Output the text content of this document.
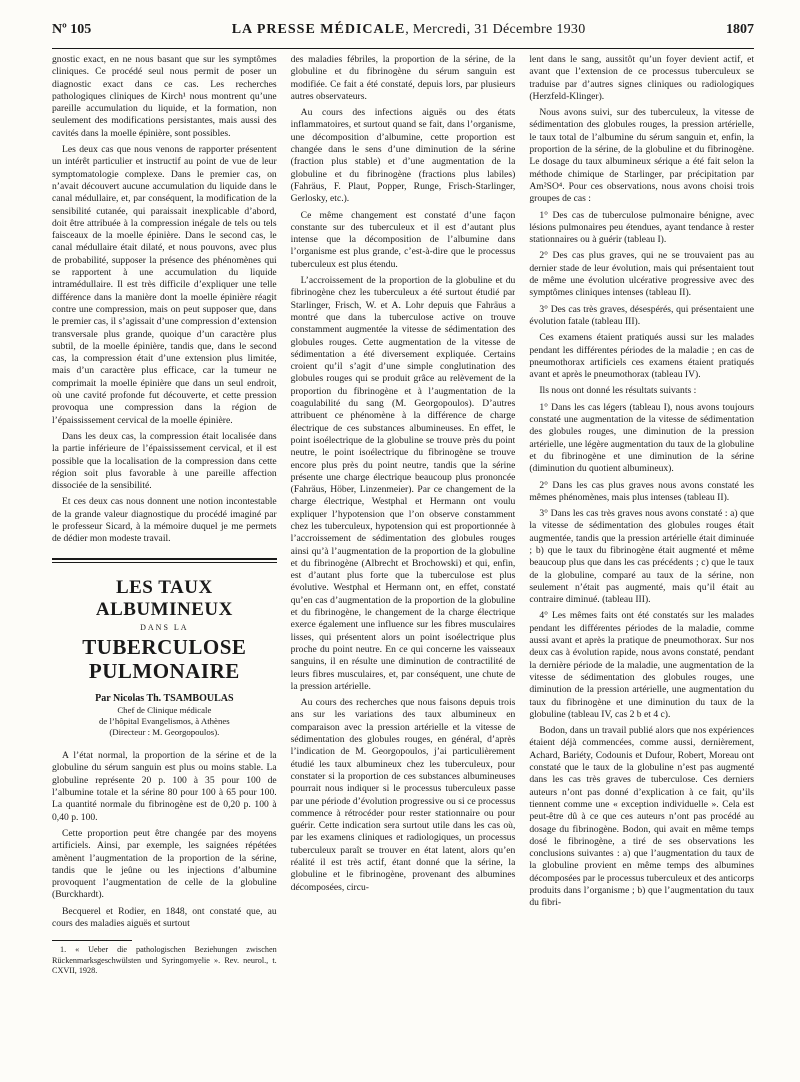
Nº 105	LA PRESSE MÉDICALE, Mercredi, 31 Décembre 1930	1807

gnostic exact, en ne nous basant que sur les symptômes cliniques. Ce procédé seul nous permit de poser un diagnostic exact dans ce cas. Les recherches pathologiques cliniques de Kirch¹ nous montrent qu’une pareille accumulation du liquide, et la formation, non seulement des modifications persistantes, mais aussi des cavités dans la moelle épinière, sont possibles.

Les deux cas que nous venons de rapporter présentent un intérêt particulier et instructif au point de vue de leur symptomatologie complexe. Dans le premier cas, on n’avait découvert aucune accumulation du liquide dans le canal médullaire, et, par conséquent, la modification de la sensibilité cutanée, qui paraissait inexplicable d’abord, doit être attribuée à la compression inégale de tels ou tels faisceaux de la moelle épinière. Dans le second cas, le canal médullaire était dilaté, et nous pouvons, avec plus de probabilité, supposer la présence des phénomènes qui se rapportent à une accumulation du liquide intramédullaire. Il est très difficile d’expliquer une telle différence dans la manière dont la moelle épinière réagit contre une compression, mais on peut supposer que, dans le premier cas, il s’agissait d’une compression d’extension transversale plus grande, quoique d’un caractère plus subtil, de la moelle épinière, tandis que, dans le second cas, la compression était d’une extension plus limitée, mais d’un caractère plus efficace, car la tumeur ne comprimait la moelle épinière que dans un seul endroit, où une cavité profonde fut découverte, et cette pression provoqua une compression dans la région de l’épaississement cervical de la moelle épinière.

Dans les deux cas, la compression était localisée dans la partie inférieure de l’épaississement cervical, et il est possible que la localisation de la compression dans cette région soit plus favorable à une pareille affection dissociée de la sensibilité.

Et ces deux cas nous donnent une notion incontestable de la grande valeur diagnostique du procédé imaginé par le professeur Sicard, à la mémoire duquel je me permets de dédier mon modeste travail.

LES TAUX ALBUMINEUX
DANS LA
TUBERCULOSE PULMONAIRE
Par Nicolas Th. TSAMBOULAS
Chef de Clinique médicale
de l’hôpital Evangelismos, à Athènes
(Directeur : M. Georgopoulos).

A l’état normal, la proportion de la sérine et de la globuline du sérum sanguin est plus ou moins stable. La globuline représente 20 p. 100 à 35 pour 100 de l’albumine totale et la sérine 80 pour 100 à 65 pour 100. La quantité normale du fibrinogène est de 0,20 p. 100 à 0,40 p. 100.

Cette proportion peut être changée par des moyens artificiels. Ainsi, par exemple, les saignées répétées amènent l’augmentation de la proportion de la sérine, tandis que le jeûne ou les injections d’albumine provoquent l’augmentation de celle de la globuline (Burckhardt).

Becquerel et Rodier, en 1848, ont constaté que, au cours des maladies aiguës et surtout

1. « Ueber die pathologischen Beziehungen zwischen Rückenmarksgeschwülsten und Syringomyelie ». Rev. neurol., t. CXVII, 1928.

des maladies fébriles, la proportion de la sérine, de la globuline et du fibrinogène du sérum sanguin est modifiée. Ce fait a été constaté, depuis lors, par plusieurs autres observateurs.

Au cours des infections aiguës ou des états inflammatoires, et surtout quand se fait, dans l’organisme, une décomposition d’albumine, cette proportion est changée dans le sens d’une diminution de la sérine (fraction plus stable) et d’une augmentation de la globuline et du fibrinogène (fractions plus labiles) (Fahräus, F. Plaut, Popper, Runge, Frisch-Starlinger, Gerlosky, etc.).

Ce même changement est constaté d’une façon constante sur des tuberculeux et il est d’autant plus intense que la décomposition de l’albumine dans l’organisme est plus grande, c’est-à-dire que le processus tuberculeux est plus étendu.

L’accroissement de la proportion de la globuline et du fibrinogène chez les tuberculeux a été surtout étudié par Starlinger, Frisch, W. et A. Lohr depuis que Fahräus a montré que dans la tuberculose active on trouve constamment augmentée la vitesse de sédimentation des globules rouges. Cette augmentation de la vitesse de sédimentation a été diversement expliquée. Certains croient qu’il s’agit d’une simple conglutination des globules rouges qui se produit grâce au relèvement de la proportion du fibrinogène et à l’augmentation de la coagulabilité du sang (M. Georgopoulos). D’autres attribuent ce phénomène à la différence de charge électrique de ces substances albumineuses. En effet, le point isoélectrique de la globuline se trouve près du point neutre, le point isoélectrique du fibrinogène se trouve encore plus près du point neutre, tandis que la sérine présente une charge électrique beaucoup plus prononcée (Fahräus, Höber, Linzenmeier). Par ce changement de la charge électrique, Westphal et Hermann ont voulu expliquer l’hypotension que l’on observe constamment chez les tuberculeux, hypotension qui est proportionnée à l’accroissement de sédimentation des globules rouges ainsi qu’à l’augmentation de la proportion de la globuline et du fibrinogène (Albrecht et Brochowski) et qui, enfin, est d’autant plus forte que la tuberculose est plus évolutive. Westphal et Hermann ont, en effet, constaté qu’en cas d’augmentation de la proportion de la globuline et du fibrinogène, le changement de la charge électrique exerce également une influence sur les fibres musculaires lisses, qui présentent alors un point isoélectrique plus proche du point neutre. En ce qui concerne les vaisseaux sanguins, il en résulte une diminution de contractilité de leurs fibres musculaires, et, par conséquent, une chute de la pression artérielle.

Au cours des recherches que nous faisons depuis trois ans sur les variations des taux albumineux en comparaison avec la pression artérielle et la vitesse de sédimentation des globules rouges, en général, d’après l’indication de M. Georgopoulos, j’ai particulièrement étudié les taux albumineux chez les tuberculeux, pour constater si la proportion de ces substances albumineuses pourrait nous indiquer si le processus tuberculeux passe par une période d’évolution progressive ou si ce processus commence à rétrocéder pour rester stationnaire ou pour guérir. Cette indication sera surtout utile dans les cas où, par les examens cliniques et radiologiques, un processus tuberculeux paraît se trouver en état latent, alors qu’en réalité il est très actif, étant donné que la sérine, la globuline et le fibrinogène, provenant des albumines décomposées, circu-

lent dans le sang, aussitôt qu’un foyer devient actif, et avant que l’extension de ce processus tuberculeux se traduise par d’autres signes cliniques ou radiologiques (Herzfeld-Klinger).

Nous avons suivi, sur des tuberculeux, la vitesse de sédimentation des globules rouges, la pression artérielle, le taux total de l’albumine du sérum sanguin et, enfin, la proportion de la sérine, de la globuline et du fibrinogène. Le dosage du taux albumineux sérique a été fait selon la méthode chimique de Starlinger, par précipitation par Am²SO⁴. Pour ces observations, nous avons choisi trois groupes de cas :

1° Des cas de tuberculose pulmonaire bénigne, avec lésions pulmonaires peu étendues, ayant tendance à rester stationnaires ou à guérir (tableau I).

2° Des cas plus graves, qui ne se trouvaient pas au dernier stade de leur évolution, mais qui présentaient tout de même une évolution ulcérative progressive avec des symptômes cliniques intenses (tableau II).

3° Des cas très graves, désespérés, qui présentaient une évolution fatale (tableau III).

Ces examens étaient pratiqués aussi sur les malades pendant les différentes périodes de la maladie ; en cas de pneumothorax artificiels ces examens étaient pratiqués avant et après le pneumothorax (tableau IV).

Ils nous ont donné les résultats suivants :

1° Dans les cas légers (tableau I), nous avons toujours constaté une augmentation de la vitesse de sédimentation des globules rouges, une diminution de la pression artérielle, une légère augmentation du taux de la globuline et du fibrinogène et une diminution de la sérine (diminution du quotient albumineux).

2° Dans les cas plus graves nous avons constaté les mêmes phénomènes, mais plus intenses (tableau II).

3° Dans les cas très graves nous avons constaté : a) que la vitesse de sédimentation des globules rouges était augmentée, tandis que la pression artérielle était diminuée ; b) que le taux du fibrinogène était augmenté et même beaucoup plus que dans les cas précédents ; c) que le taux de la globuline, comparé au taux de la sérine, non seulement n’était pas augmenté, mais qu’il était au contraire diminué. (tableau III).

4° Les mêmes faits ont été constatés sur les malades pendant les différentes périodes de la maladie, comme aussi avant et après la pratique de pneumothorax. Sur nos deux cas à évolution rapide, nous avons constaté, pendant la dernière période de la maladie, une augmentation de la vitesse de sédimentation des globules rouges, une diminution de la pression artérielle, une augmentation du taux du fibrinogène et une diminution du taux de la globuline (tableau IV, cas 2 b et 4 c).

Bodon, dans un travail publié alors que nos expériences étaient déjà commencées, comme aussi, dernièrement, Achard, Bariéty, Codounis et Dufour, Robert, Moreau ont constaté que le taux de la globuline n’est pas augmenté dans les cas très graves de tuberculose. Ces derniers auteurs n’ont pas donné d’explication à ce fait, qu’ils tiennent comme une « exception individuelle ». Cela est peut-être dû à ce que ces auteurs n’ont pas procédé au dosage du fibrinogène. Bodon, qui avait en même temps dosé le fibrinogène, a tiré de ses observations les conclusions suivantes : a) que l’augmentation du taux de la globuline provient en même temps des albumines décomposées par le processus tuberculeux et des anticorps produits dans l’organisme ; b) que l’augmentation du taux du fibri-
